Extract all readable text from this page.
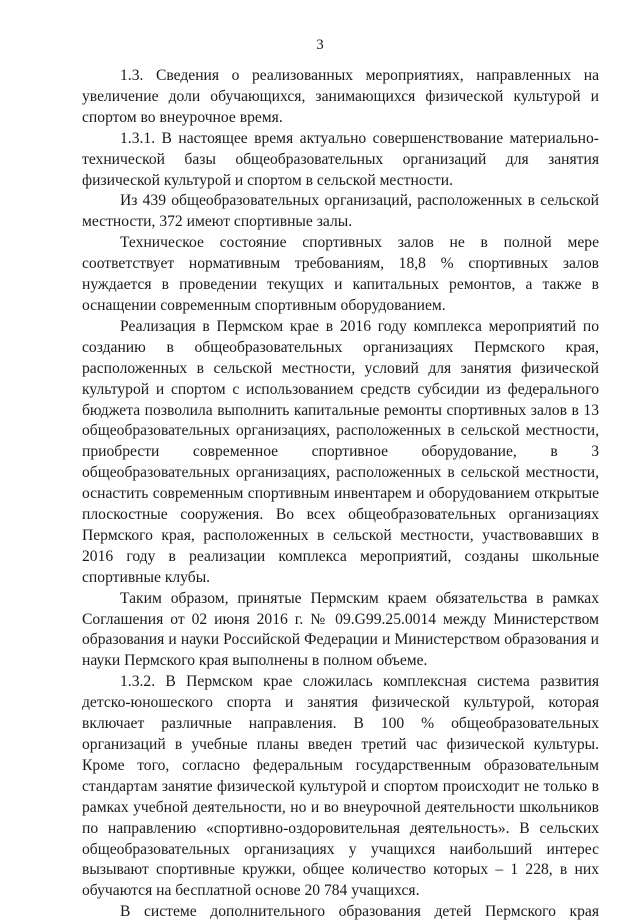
3

1.3. Сведения о реализованных мероприятиях, направленных на увеличение доли обучающихся, занимающихся физической культурой и спортом во внеурочное время.

1.3.1. В настоящее время актуально совершенствование материально-технической базы общеобразовательных организаций для занятия физической культурой и спортом в сельской местности.

Из 439 общеобразовательных организаций, расположенных в сельской местности, 372 имеют спортивные залы.

Техническое состояние спортивных залов не в полной мере соответствует нормативным требованиям, 18,8 % спортивных залов нуждается в проведении текущих и капитальных ремонтов, а также в оснащении современным спортивным оборудованием.

Реализация в Пермском крае в 2016 году комплекса мероприятий по созданию в общеобразовательных организациях Пермского края, расположенных в сельской местности, условий для занятия физической культурой и спортом с использованием средств субсидии из федерального бюджета позволила выполнить капитальные ремонты спортивных залов в 13 общеобразовательных организациях, расположенных в сельской местности, приобрести современное спортивное оборудование, в 3 общеобразовательных организациях, расположенных в сельской местности, оснастить современным спортивным инвентарем и оборудованием открытые плоскостные сооружения. Во всех общеобразовательных организациях Пермского края, расположенных в сельской местности, участвовавших в 2016 году в реализации комплекса мероприятий, созданы школьные спортивные клубы.

Таким образом, принятые Пермским краем обязательства в рамках Соглашения от 02 июня 2016 г. № 09.G99.25.0014 между Министерством образования и науки Российской Федерации и Министерством образования и науки Пермского края выполнены в полном объеме.

1.3.2. В Пермском крае сложилась комплексная система развития детско-юношеского спорта и занятия физической культурой, которая включает различные направления. В 100 % общеобразовательных организаций в учебные планы введен третий час физической культуры. Кроме того, согласно федеральным государственным образовательным стандартам занятие физической культурой и спортом происходит не только в рамках учебной деятельности, но и во внеурочной деятельности школьников по направлению «спортивно-оздоровительная деятельность». В сельских общеобразовательных организациях у учащихся наибольший интерес вызывают спортивные кружки, общее количество которых – 1 228, в них обучаются на бесплатной основе 20 784 учащихся.

В системе дополнительного образования детей Пермского края
